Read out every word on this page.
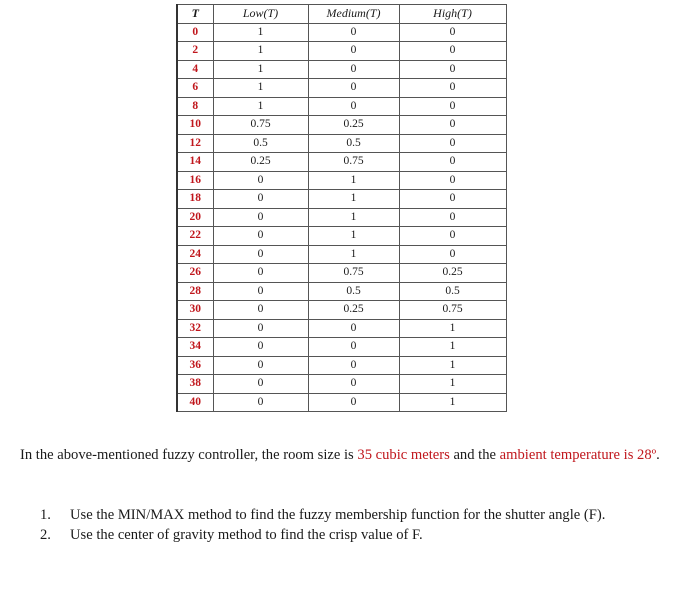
T	Low(T)	Medium(T)	High(T)
0	1	0	0
2	1	0	0
4	1	0	0
6	1	0	0
8	1	0	0
10	0.75	0.25	0
12	0.5	0.5	0
14	0.25	0.75	0
16	0	1	0
18	0	1	0
20	0	1	0
22	0	1	0
24	0	1	0
26	0	0.75	0.25
28	0	0.5	0.5
30	0	0.25	0.75
32	0	0	1
34	0	0	1
36	0	0	1
38	0	0	1
40	0	0	1
In the above-mentioned fuzzy controller, the room size is 35 cubic meters and the ambient temperature is 28º.
1. Use the MIN/MAX method to find the fuzzy membership function for the shutter angle (F).
2. Use the center of gravity method to find the crisp value of F.
